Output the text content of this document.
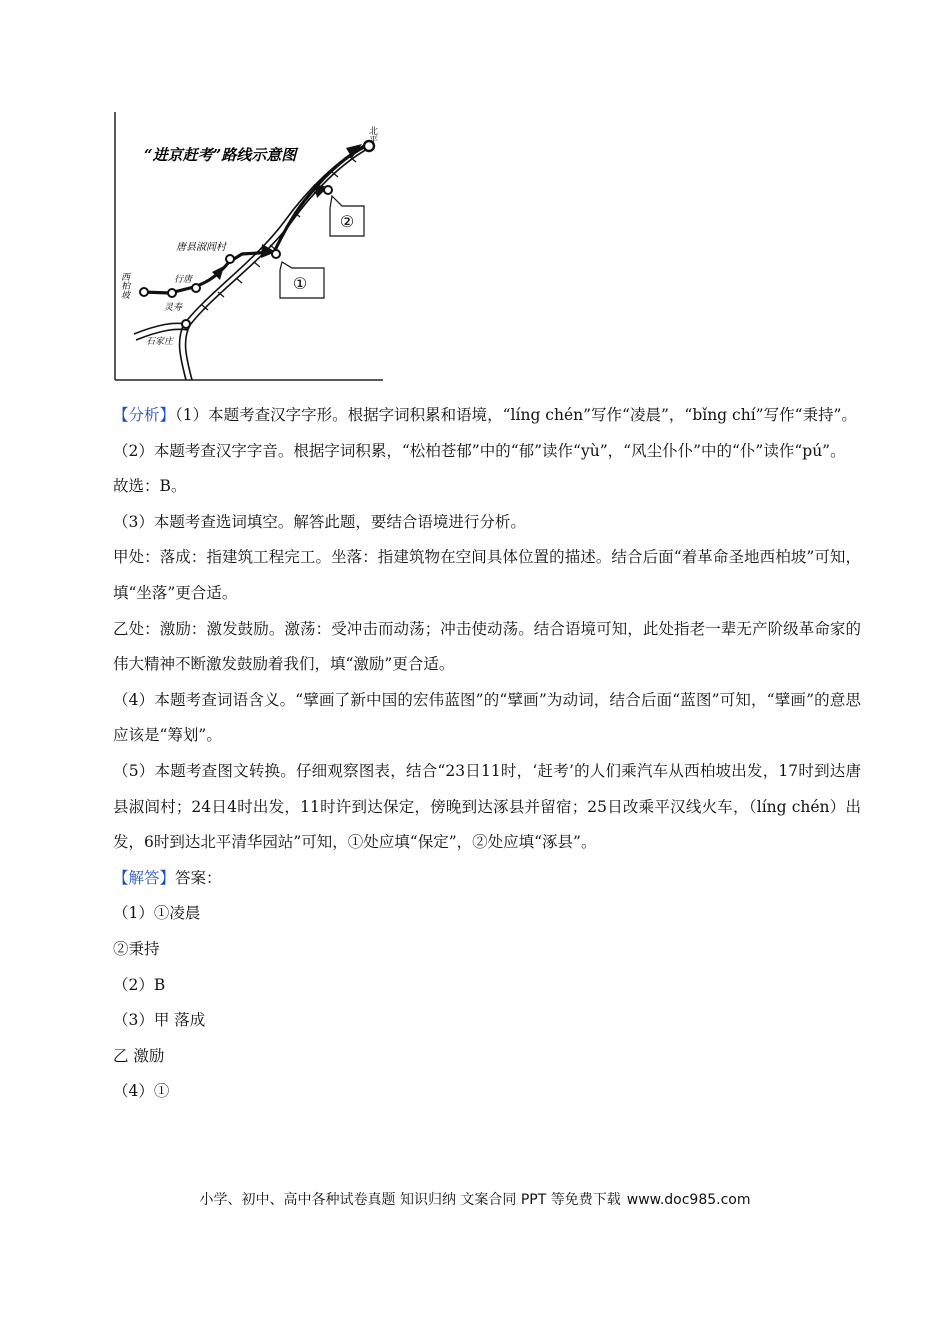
①
②
“进京赶考”路线示意图
北平
唐县淑闾村
西柏坡	行唐
灵寿
石家庄

【分析】（1）本题考查汉字字形。根据字词积累和语境，“líng chén”写作“凌晨”，“bǐng chí”写作“秉持”。

（2）本题考查汉字字音。根据字词积累，“松柏苍郁”中的“郁”读作“yù”，“风尘仆仆”中的“仆”读作“pú”。

故选：B。

（3）本题考查选词填空。解答此题，要结合语境进行分析。

甲处：落成：指建筑工程完工。坐落：指建筑物在空间具体位置的描述。结合后面“着革命圣地西柏坡”可知，填“坐落”更合适。

乙处：激励：激发鼓励。激荡：受冲击而动荡；冲击使动荡。结合语境可知，此处指老一辈无产阶级革命家的伟大精神不断激发鼓励着我们，填“激励”更合适。

（4）本题考查词语含义。“擘画了新中国的宏伟蓝图”的“擘画”为动词，结合后面“蓝图”可知，“擘画”的意思应该是“筹划”。

（5）本题考查图文转换。仔细观察图表，结合“23日11时，‘赶考’的人们乘汽车从西柏坡出发，17时到达唐县淑闾村；24日4时出发，11时许到达保定，傍晚到达涿县并留宿；25日改乘平汉线火车，（líng chén）出发，6时到达北平清华园站”可知，①处应填“保定”，②处应填“涿县”。

【解答】答案：

（1）①凌晨

②秉持

（2）B

（3）甲 落成

乙 激励

（4）①

小学、初中、高中各种试卷真题 知识归纳 文案合同 PPT 等免费下载 www.doc985.com
